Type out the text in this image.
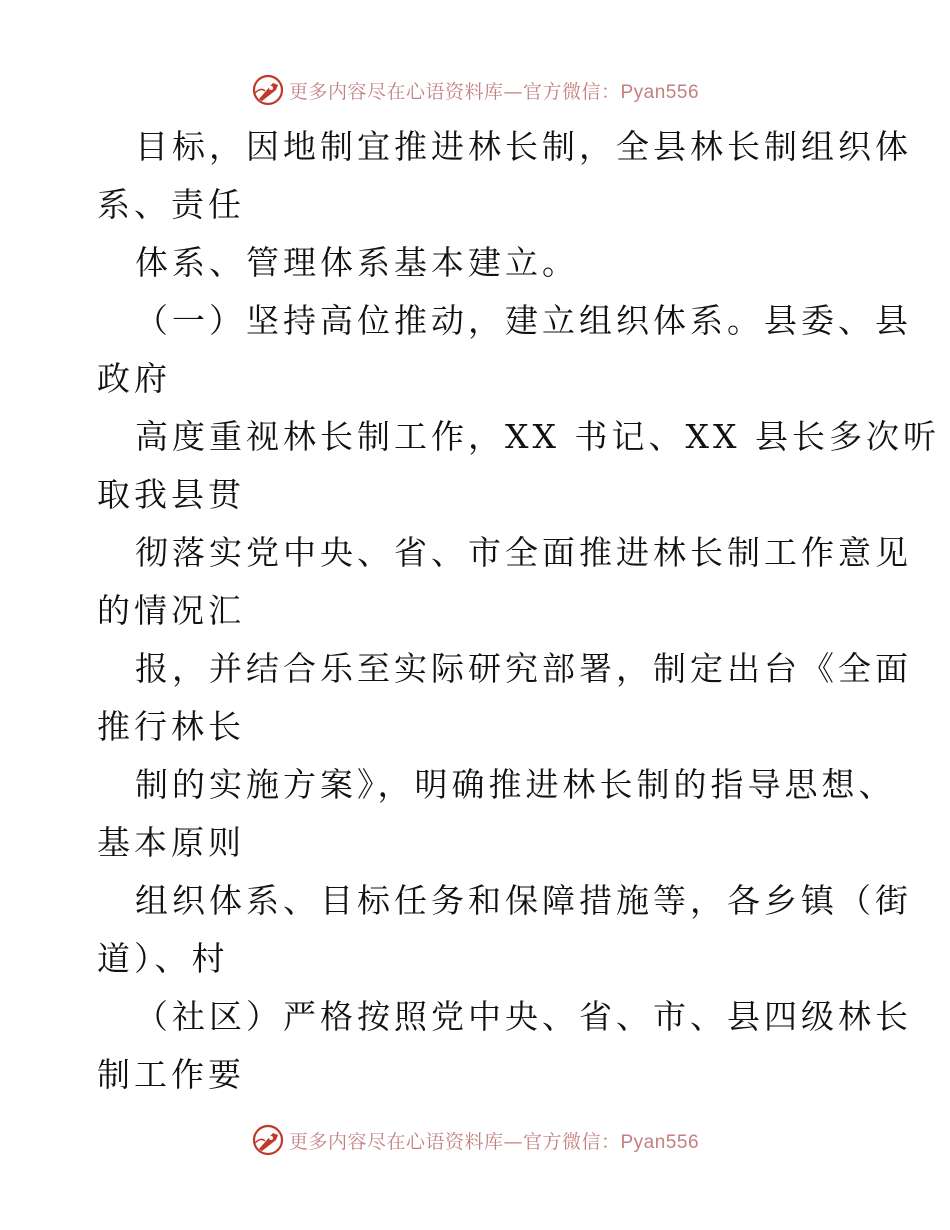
更多内容尽在心语资料库—官方微信：Pyan556
目标，因地制宜推进林长制，全县林长制组织体
系、责任
体系、管理体系基本建立。
（一）坚持高位推动，建立组织体系。县委、县
政府
高度重视林长制工作，XX 书记、XX 县长多次听
取我县贯
彻落实党中央、省、市全面推进林长制工作意见
的情况汇
报，并结合乐至实际研究部署，制定出台《全面
推行林长
制的实施方案》，明确推进林长制的指导思想、
基本原则
组织体系、目标任务和保障措施等，各乡镇（街
道）、村
（社区）严格按照党中央、省、市、县四级林长
制工作要
更多内容尽在心语资料库—官方微信：Pyan556
